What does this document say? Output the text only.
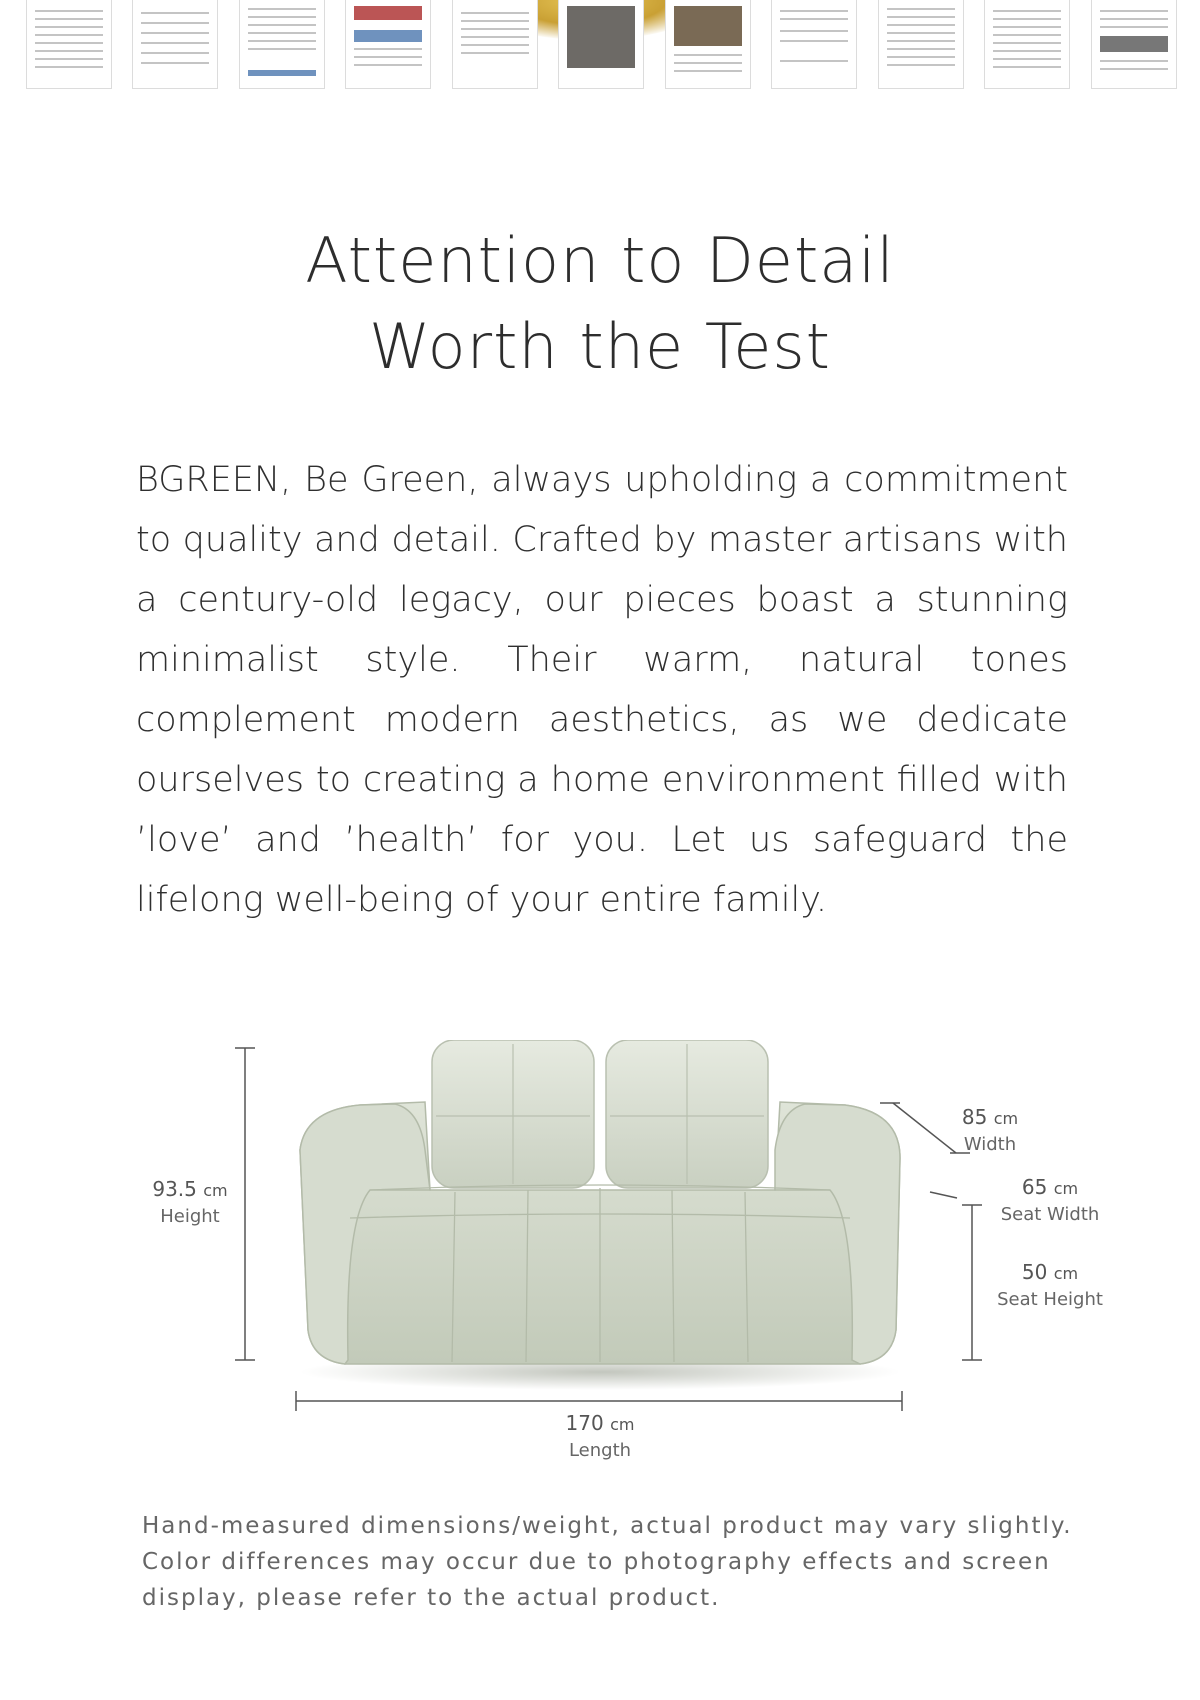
Attention to Detail
Worth the Test
BGREEN, Be Green, always upholding a commitment to quality and detail. Crafted by master artisans with a century-old legacy, our pieces boast a stunning minimalist style. Their warm, natural tones complement modern aesthetics, as we dedicate ourselves to creating a home environment filled with ’love’ and ’health’ for you. Let us safeguard the lifelong well-being of your entire family.
93.5 cm
Height
85 cm
Width
65 cm
Seat Width
50 cm
Seat Height
170 cm
Length
Hand-measured dimensions/weight, actual product may vary slightly. Color differences may occur due to photography effects and screen display, please refer to the actual product.
